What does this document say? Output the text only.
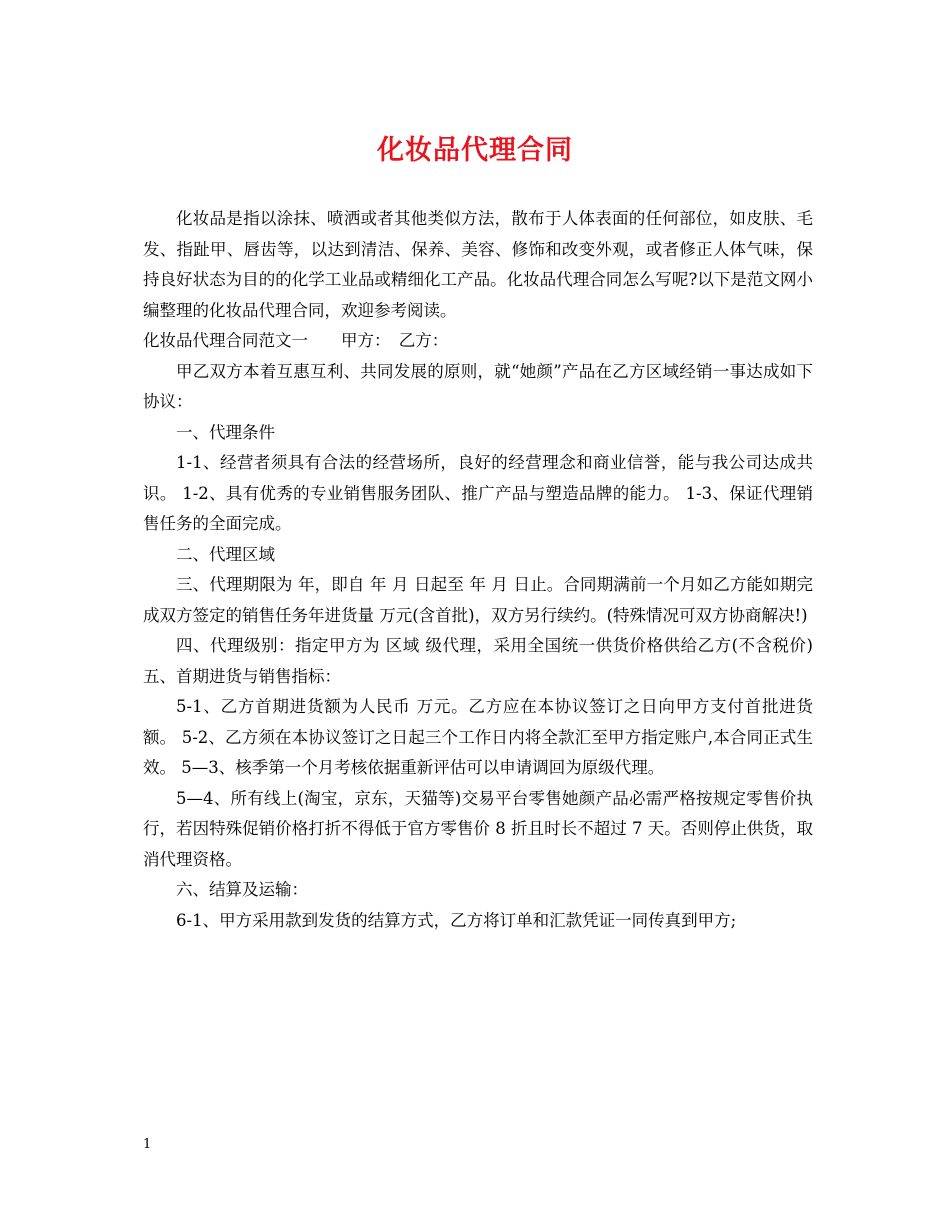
化妆品代理合同

化妆品是指以涂抹、喷洒或者其他类似方法，散布于人体表面的任何部位，如皮肤、毛发、指趾甲、唇齿等，以达到清洁、保养、美容、修饰和改变外观，或者修正人体气味，保持良好状态为目的的化学工业品或精细化工产品。化妆品代理合同怎么写呢?以下是范文网小编整理的化妆品代理合同，欢迎参考阅读。

化妆品代理合同范文一　　甲方：　乙方：

甲乙双方本着互惠互利、共同发展的原则，就“她颜”产品在乙方区域经销一事达成如下协议：

一、代理条件

1-1、经营者须具有合法的经营场所，良好的经营理念和商业信誉，能与我公司达成共识。 1-2、具有优秀的专业销售服务团队、推广产品与塑造品牌的能力。 1-3、保证代理销售任务的全面完成。

二、代理区域

三、代理期限为 年，即自 年 月 日起至 年 月 日止。合同期满前一个月如乙方能如期完成双方签定的销售任务年进货量 万元(含首批)，双方另行续约。(特殊情况可双方协商解决!)

四、代理级别：指定甲方为 区域 级代理，采用全国统一供货价格供给乙方(不含税价) 五、首期进货与销售指标：

5-1、乙方首期进货额为人民币 万元。乙方应在本协议签订之日向甲方支付首批进货额。 5-2、乙方须在本协议签订之日起三个工作日内将全款汇至甲方指定账户,本合同正式生效。 5—3、核季第一个月考核依据重新评估可以申请调回为原级代理。

5—4、所有线上(淘宝，京东，天猫等)交易平台零售她颜产品必需严格按规定零售价执行，若因特殊促销价格打折不得低于官方零售价 8 折且时长不超过 7 天。否则停止供货，取消代理资格。

六、结算及运输：

6-1、甲方采用款到发货的结算方式，乙方将订单和汇款凭证一同传真到甲方;

1
